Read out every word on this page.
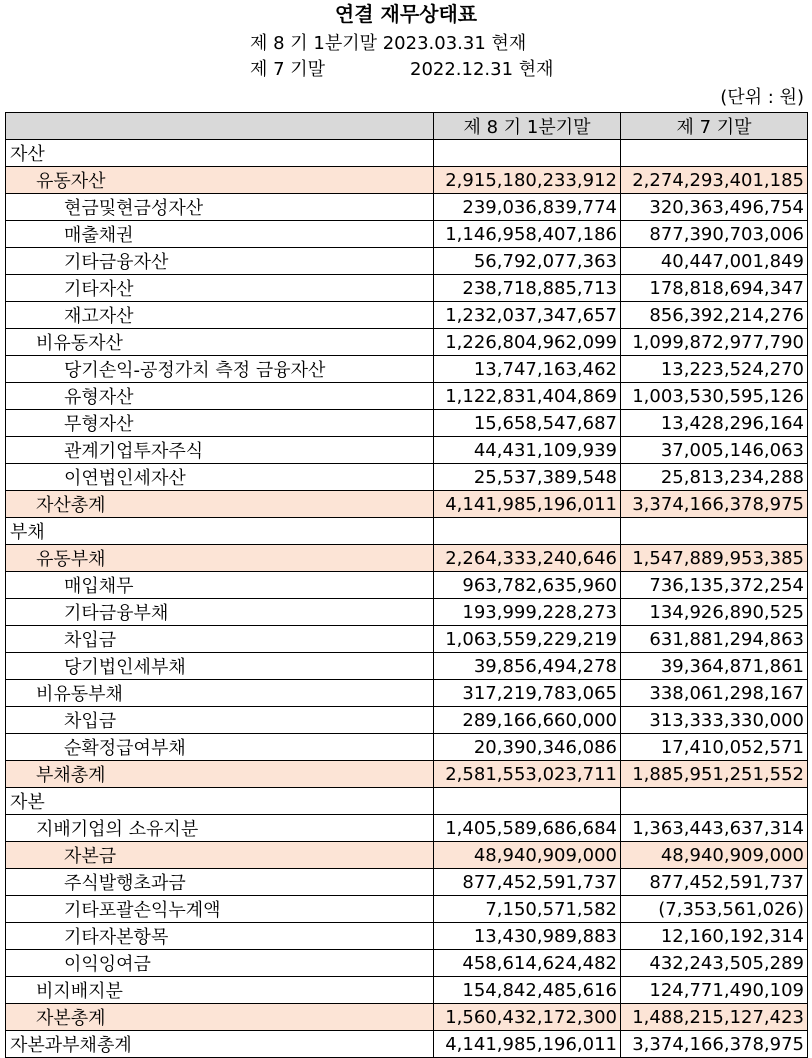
연결 재무상태표
제 8 기 1분기말 2023.03.31 현재
제 7 기말	2022.12.31 현재
(단위 : 원)
	제 8 기 1분기말	제 7 기말
자산		
유동자산	2,915,180,233,912	2,274,293,401,185
현금및현금성자산	239,036,839,774	320,363,496,754
매출채권	1,146,958,407,186	877,390,703,006
기타금융자산	56,792,077,363	40,447,001,849
기타자산	238,718,885,713	178,818,694,347
재고자산	1,232,037,347,657	856,392,214,276
비유동자산	1,226,804,962,099	1,099,872,977,790
당기손익-공정가치 측정 금융자산	13,747,163,462	13,223,524,270
유형자산	1,122,831,404,869	1,003,530,595,126
무형자산	15,658,547,687	13,428,296,164
관계기업투자주식	44,431,109,939	37,005,146,063
이연법인세자산	25,537,389,548	25,813,234,288
자산총계	4,141,985,196,011	3,374,166,378,975
부채		
유동부채	2,264,333,240,646	1,547,889,953,385
매입채무	963,782,635,960	736,135,372,254
기타금융부채	193,999,228,273	134,926,890,525
차입금	1,063,559,229,219	631,881,294,863
당기법인세부채	39,856,494,278	39,364,871,861
비유동부채	317,219,783,065	338,061,298,167
차입금	289,166,660,000	313,333,330,000
순확정급여부채	20,390,346,086	17,410,052,571
부채총계	2,581,553,023,711	1,885,951,251,552
자본		
지배기업의 소유지분	1,405,589,686,684	1,363,443,637,314
자본금	48,940,909,000	48,940,909,000
주식발행초과금	877,452,591,737	877,452,591,737
기타포괄손익누계액	7,150,571,582	(7,353,561,026)
기타자본항목	13,430,989,883	12,160,192,314
이익잉여금	458,614,624,482	432,243,505,289
비지배지분	154,842,485,616	124,771,490,109
자본총계	1,560,432,172,300	1,488,215,127,423
자본과부채총계	4,141,985,196,011	3,374,166,378,975
